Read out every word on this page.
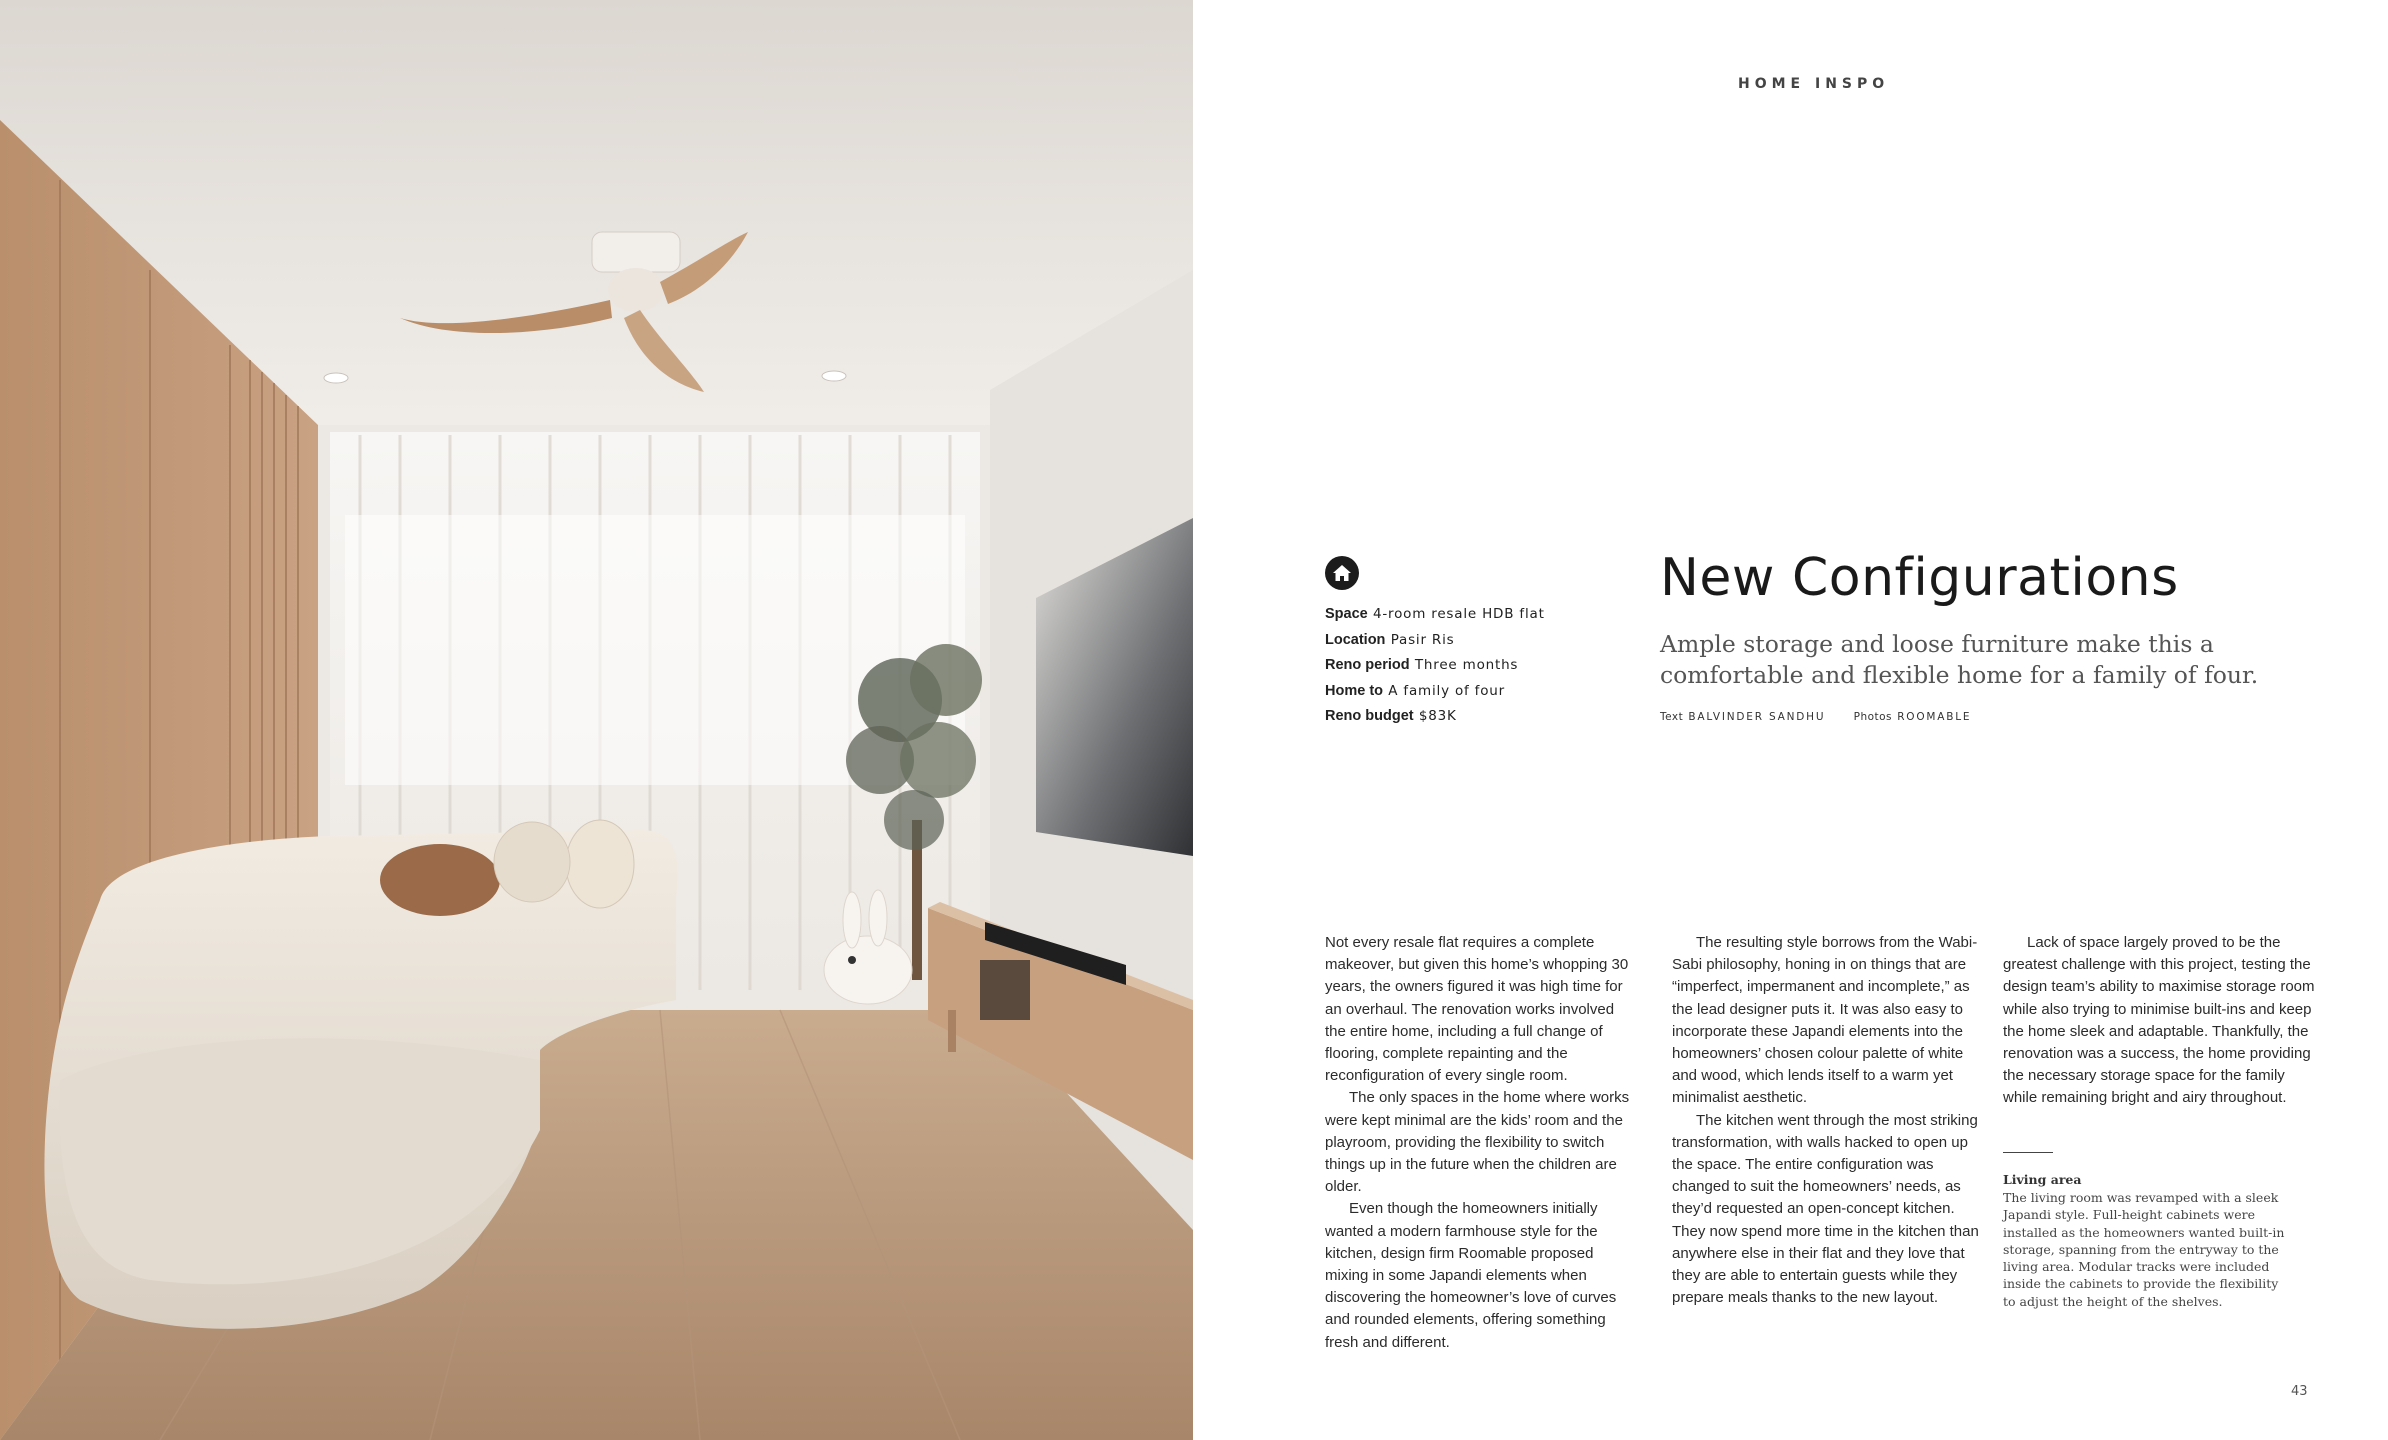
HOME INSPO
Space 4-room resale HDB flat
Location Pasir Ris
Reno period Three months
Home to A family of four
Reno budget $83K
New Configurations
Ample storage and loose furniture make this a
comfortable and flexible home for a family of four.
Text BALVINDER SANDHU	Photos ROOMABLE

Not every resale flat requires a complete makeover, but given this home’s whopping 30 years, the owners figured it was high time for an overhaul. The renovation works involved the entire home, including a full change of flooring, complete repainting and the reconfiguration of every single room.

The only spaces in the home where works were kept minimal are the kids’ room and the playroom, providing the flexibility to switch things up in the future when the children are older.

Even though the homeowners initially wanted a modern farmhouse style for the kitchen, design firm Roomable proposed mixing in some Japandi elements when discovering the homeowner’s love of curves and rounded elements, offering something fresh and different.

The resulting style borrows from the Wabi-Sabi philosophy, honing in on things that are “imperfect, impermanent and incomplete,” as the lead designer puts it. It was also easy to incorporate these Japandi elements into the homeowners’ chosen colour palette of white and wood, which lends itself to a warm yet minimalist aesthetic.

The kitchen went through the most striking transformation, with walls hacked to open up the space. The entire configuration was changed to suit the homeowners’ needs, as they’d requested an open-concept kitchen. They now spend more time in the kitchen than anywhere else in their flat and they love that they are able to entertain guests while they prepare meals thanks to the new layout.

Lack of space largely proved to be the greatest challenge with this project, testing the design team’s ability to maximise storage room while also trying to minimise built-ins and keep the home sleek and adaptable. Thankfully, the renovation was a success, the home providing the necessary storage space for the family while remaining bright and airy throughout.

Living area
The living room was revamped with a sleek Japandi style. Full-height cabinets were installed as the homeowners wanted built-in storage, spanning from the entryway to the living area. Modular tracks were included inside the cabinets to provide the flexibility to adjust the height of the shelves.
43
